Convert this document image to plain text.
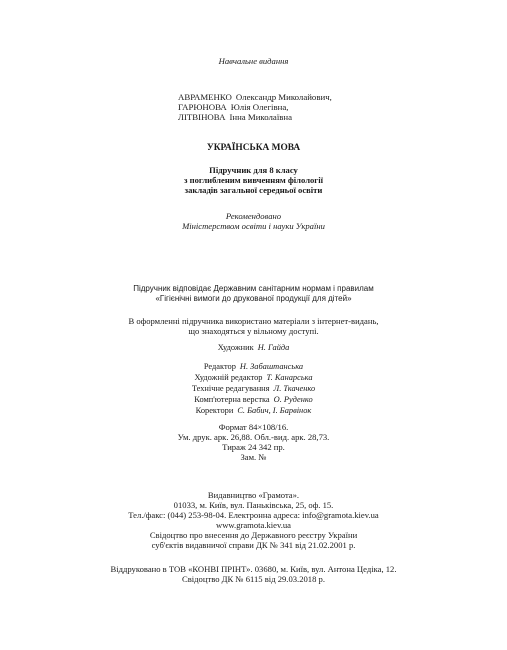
Навчальне видання
АВРАМЕНКО Олександр Миколайович,
ГАРЮНОВА Юлія Олегівна,
ЛІТВІНОВА Інна Миколаївна
УКРАЇНСЬКА МОВА
Підручник для 8 класу
з поглибленим вивченням філології
закладів загальної середньої освіти
Рекомендовано
Міністерством освіти і науки України
Підручник відповідає Державним санітарним нормам і правилам
«Гігієнічні вимоги до друкованої продукції для дітей»
В оформленні підручника використано матеріали з інтернет-видань,
що знаходяться у вільному доступі.
Художник Н. Гайда
Редактор Н. Забаштанська
Художній редактор Т. Канарська
Технічне редагування Л. Ткаченко
Комп'ютерна верстка О. Руденко
Коректори С. Бабич, І. Барвінок
Формат 84×108/16.
Ум. друк. арк. 26,88. Обл.-вид. арк. 28,73.
Тираж 24 342 пр.
Зам. №
Видавництво «Грамота».
01033, м. Київ, вул. Паньківська, 25, оф. 15.
Тел./факс: (044) 253-98-04. Електронна адреса: info@gramota.kiev.ua
www.gramota.kiev.ua
Свідоцтво про внесення до Державного реєстру України
суб'єктів видавничої справи ДК № 341 від 21.02.2001 р.
Віддруковано в ТОВ «КОНВІ ПРІНТ». 03680, м. Київ, вул. Антона Цедіка, 12.
Свідоцтво ДК № 6115 від 29.03.2018 р.
